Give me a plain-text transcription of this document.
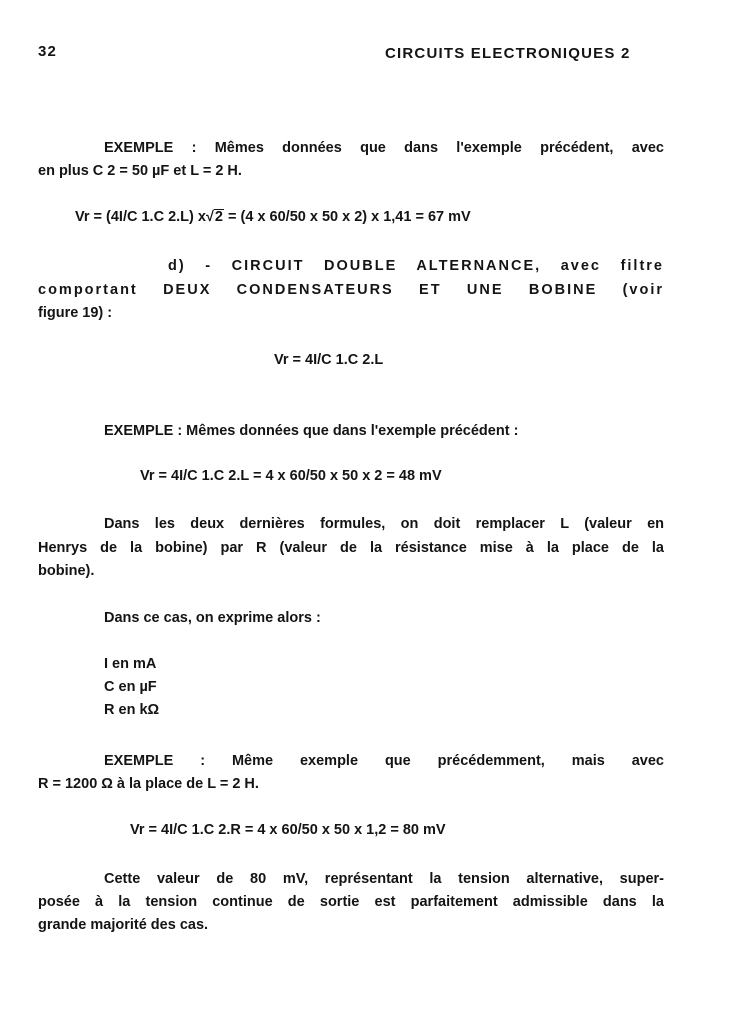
32	CIRCUITS ELECTRONIQUES 2
EXEMPLE : Mêmes données que dans l'exemple précédent, avec
en plus C 2 = 50 µF et L = 2 H.
Vr = (4I/C 1.C 2.L) x√2 = (4 x 60/50 x 50 x 2) x 1,41 = 67 mV
d) - CIRCUIT DOUBLE ALTERNANCE, avec filtre
comportant DEUX CONDENSATEURS ET UNE BOBINE (voir
figure 19) :
Vr = 4I/C 1.C 2.L
EXEMPLE : Mêmes données que dans l'exemple précédent :
Vr = 4I/C 1.C 2.L = 4 x 60/50 x 50 x 2 = 48 mV
Dans les deux dernières formules, on doit remplacer L (valeur en
Henrys de la bobine) par R (valeur de la résistance mise à la place de la
bobine).
Dans ce cas, on exprime alors :
I en mA
C en µF
R en kΩ
EXEMPLE : Même exemple que précédemment, mais avec
R = 1200 Ω à la place de L = 2 H.
Vr = 4I/C 1.C 2.R = 4 x 60/50 x 50 x 1,2 = 80 mV
Cette valeur de 80 mV, représentant la tension alternative, super-
posée à la tension continue de sortie est parfaitement admissible dans la
grande majorité des cas.
